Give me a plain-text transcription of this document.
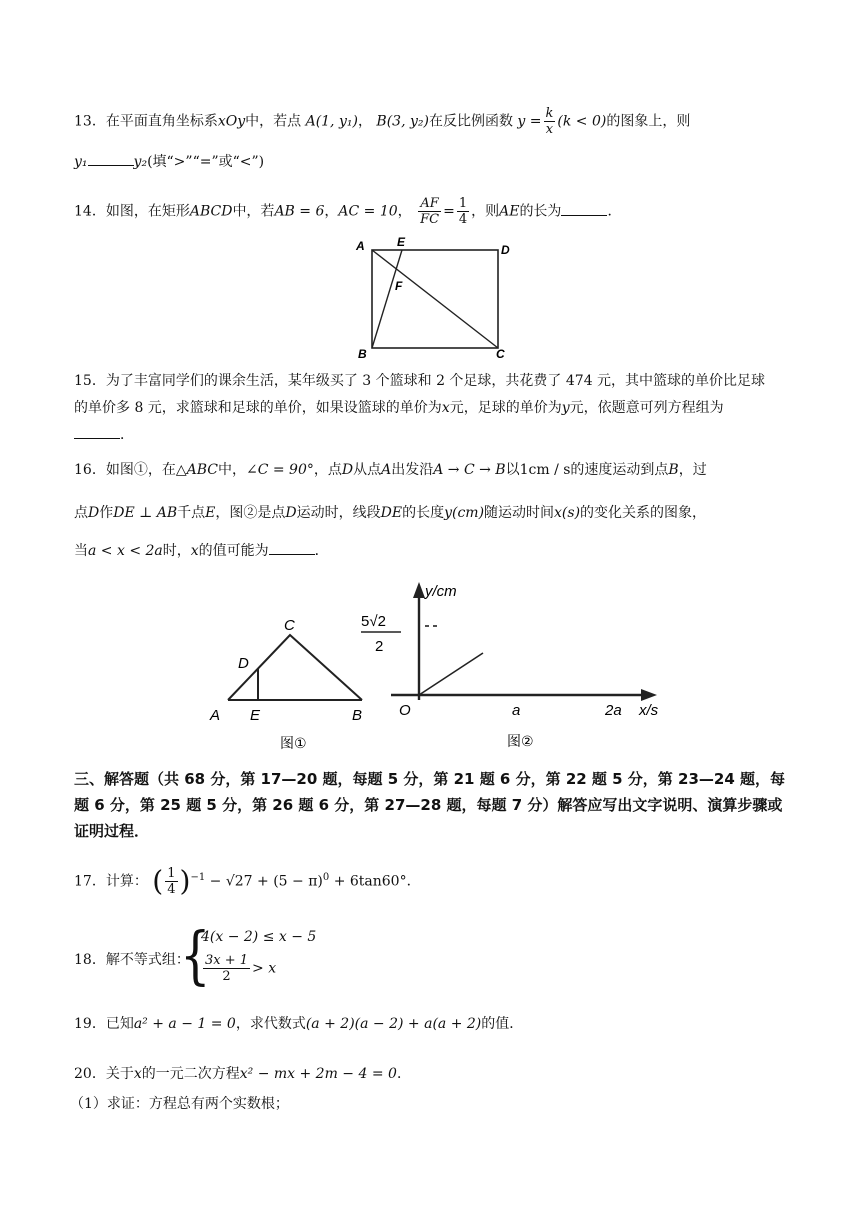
13．在平面直角坐标系xOy中，若点 A(1, y₁)， B(3, y₂)在反比例函数 $y = \frac{k}{x} (k < 0)$的图象上，则
y₁	y₂(填“>”“=”或“<”)
14．如图，在矩形ABCD中，若AB = 6，AC = 10， $\frac{AF}{FC} = \frac{1}{4}$ ，则AE的长为	．
A	E
D
F
B	C
15．为了丰富同学们的课余生活，某年级买了 3 个篮球和 2 个足球，共花费了 474 元，其中篮球的单价比足球
的单价多 8 元，求篮球和足球的单价，如果设篮球的单价为x元，足球的单价为y元，依题意可列方程组为
．
16．如图①，在△ABC中，∠C = 90°，点D从点A出发沿A → C → B以1cm / s的速度运动到点B，过
点D作DE ⊥ AB千点E，图②是点D运动时，线段DE的长度y(cm)随运动时间x(s)的变化关系的图象，
当a < x < 2a时，x的值可能为	．
C
D
A E	B
图①
y/cm
5√2
2
O	a	2a x/s
图②
三、解答题（共 68 分，第 17—20 题，每题 5 分，第 21 题 6 分，第 22 题 5 分，第 23—24 题，每题 6 分，第 25 题 5 分，第 26 题 6 分，第 27—28 题，每题 7 分）解答应写出文字说明、演算步骤或证明过程．
17．计算： ( $\frac{1}{4} )^{-1} - √27 + (5 - \pi)^0 + 6\tan 60^\circ$．
18．解不等式组：
{
4(x − 2) ≤ x − 5
$\frac{3x + 1}{2} > x$
19．已知a² + a − 1 = 0，求代数式(a + 2)(a − 2) + a(a + 2)的值．
20．关于x的一元二次方程x² − mx + 2m − 4 = 0．
（1）求证：方程总有两个实数根；
